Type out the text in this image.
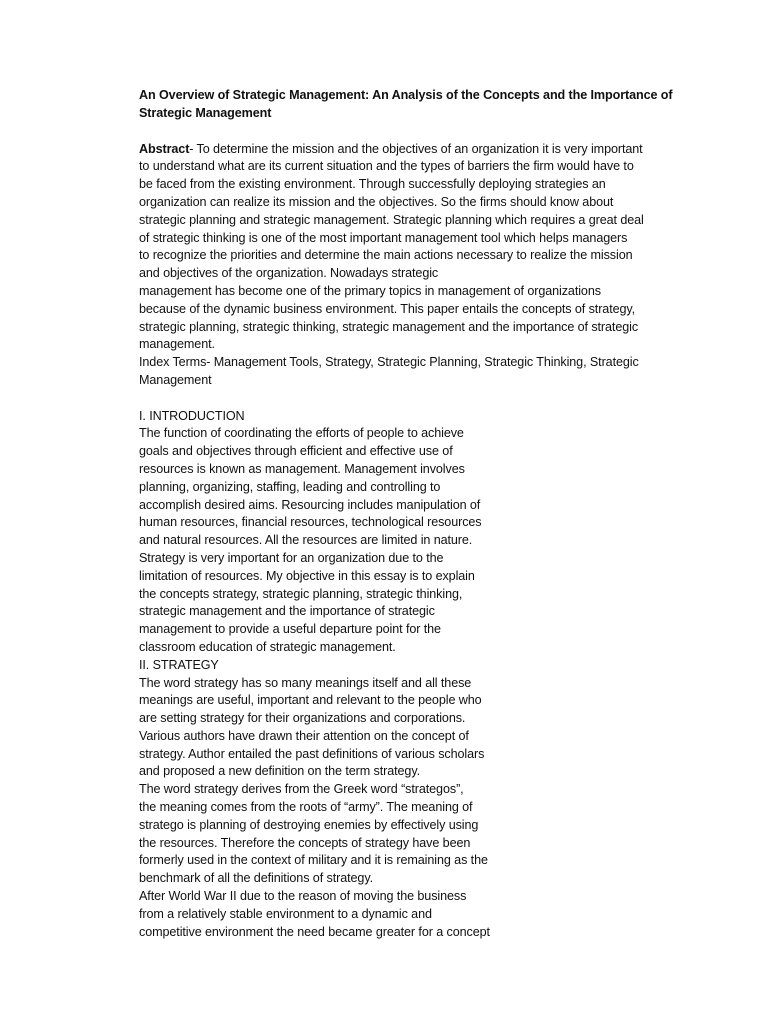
An Overview of Strategic Management: An Analysis of the Concepts and the Importance of
Strategic Management

Abstract- To determine the mission and the objectives of an organization it is very important
to understand what are its current situation and the types of barriers the firm would have to
be faced from the existing environment. Through successfully deploying strategies an
organization can realize its mission and the objectives. So the firms should know about
strategic planning and strategic management. Strategic planning which requires a great deal
of strategic thinking is one of the most important management tool which helps managers
to recognize the priorities and determine the main actions necessary to realize the mission
and objectives of the organization. Nowadays strategic
management has become one of the primary topics in management of organizations
because of the dynamic business environment. This paper entails the concepts of strategy,
strategic planning, strategic thinking, strategic management and the importance of strategic
management.
Index Terms- Management Tools, Strategy, Strategic Planning, Strategic Thinking, Strategic
Management
I. INTRODUCTION
The function of coordinating the efforts of people to achieve
goals and objectives through efficient and effective use of
resources is known as management. Management involves
planning, organizing, staffing, leading and controlling to
accomplish desired aims. Resourcing includes manipulation of
human resources, financial resources, technological resources
and natural resources. All the resources are limited in nature.
Strategy is very important for an organization due to the
limitation of resources. My objective in this essay is to explain
the concepts strategy, strategic planning, strategic thinking,
strategic management and the importance of strategic
management to provide a useful departure point for the
classroom education of strategic management.
II. STRATEGY
The word strategy has so many meanings itself and all these
meanings are useful, important and relevant to the people who
are setting strategy for their organizations and corporations.
Various authors have drawn their attention on the concept of
strategy. Author entailed the past definitions of various scholars
and proposed a new definition on the term strategy.
The word strategy derives from the Greek word “strategos”,
the meaning comes from the roots of “army”. The meaning of
stratego is planning of destroying enemies by effectively using
the resources. Therefore the concepts of strategy have been
formerly used in the context of military and it is remaining as the
benchmark of all the definitions of strategy.
After World War II due to the reason of moving the business
from a relatively stable environment to a dynamic and
competitive environment the need became greater for a concept
